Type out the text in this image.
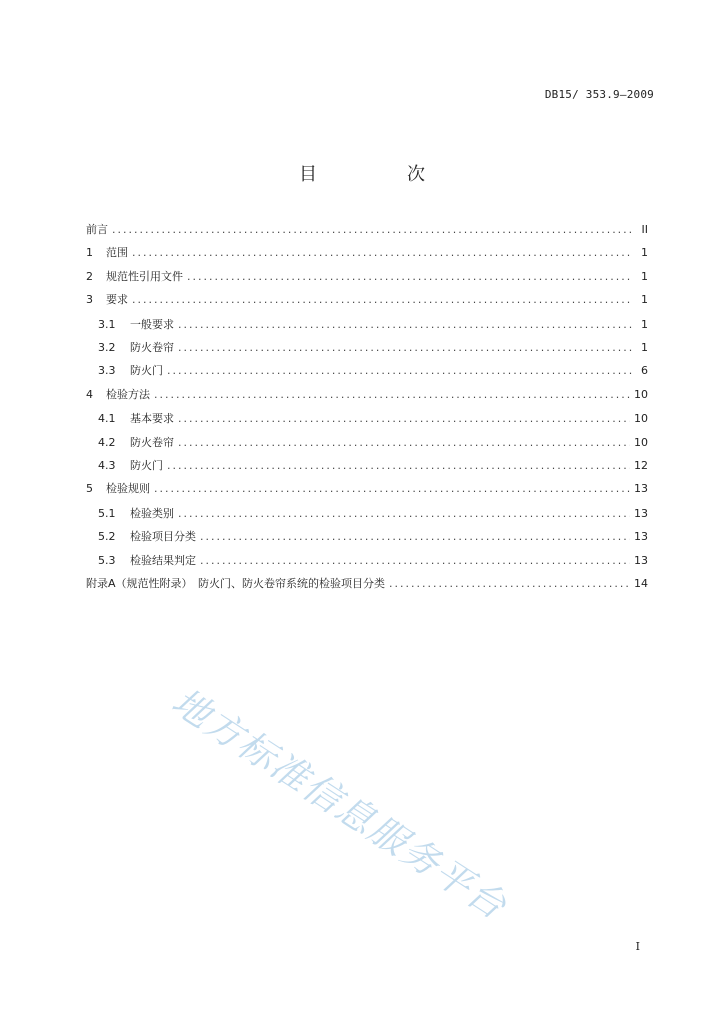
DB15/ 353.9—2009
目　次
前言 .....	II
1	范围 .....	1
2	规范性引用文件 .....	1
3	要求 .....	1
3.1	一般要求 .....	1
3.2	防火卷帘 .....	1
3.3	防火门 .....	6
4	检验方法 .....	10
4.1	基本要求 .....	10
4.2	防火卷帘 .....	10
4.3	防火门 .....	12
5	检验规则 .....	13
5.1	检验类别 .....	13
5.2	检验项目分类 .....	13
5.3	检验结果判定 .....	13
附录A（规范性附录）　防火门、防火卷帘系统的检验项目分类 .....	14
地方标准信息服务平台
I
